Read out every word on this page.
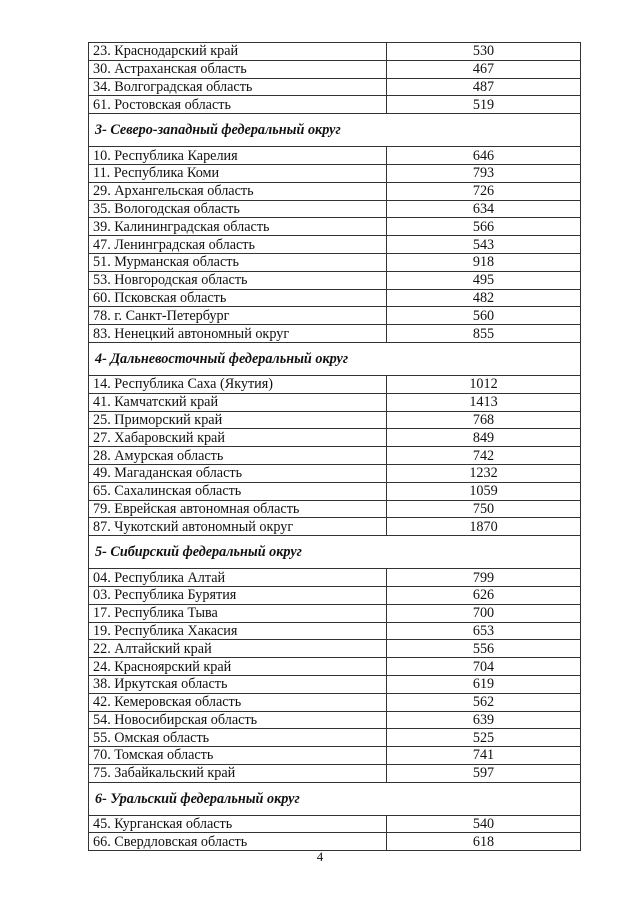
23. Краснодарский край	530
30. Астраханская область	467
34. Волгоградская область	487
61. Ростовская область	519
3- Северо-западный федеральный округ	
10. Республика Карелия	646
11. Республика Коми	793
29. Архангельская область	726
35. Вологодская область	634
39. Калининградская область	566
47. Ленинградская область	543
51. Мурманская область	918
53. Новгородская область	495
60. Псковская область	482
78. г. Санкт-Петербург	560
83. Ненецкий автономный округ	855
4- Дальневосточный федеральный округ	
14. Республика Саха (Якутия)	1012
41. Камчатский край	1413
25. Приморский край	768
27. Хабаровский край	849
28. Амурская область	742
49. Магаданская область	1232
65. Сахалинская область	1059
79. Еврейская автономная область	750
87. Чукотский автономный округ	1870
5- Сибирский федеральный округ	
04. Республика Алтай	799
03. Республика Бурятия	626
17. Республика Тыва	700
19. Республика Хакасия	653
22. Алтайский край	556
24. Красноярский край	704
38. Иркутская область	619
42. Кемеровская область	562
54. Новосибирская область	639
55. Омская область	525
70. Томская область	741
75. Забайкальский край	597
6- Уральский федеральный округ	
45. Курганская область	540
66. Свердловская область	618
4
